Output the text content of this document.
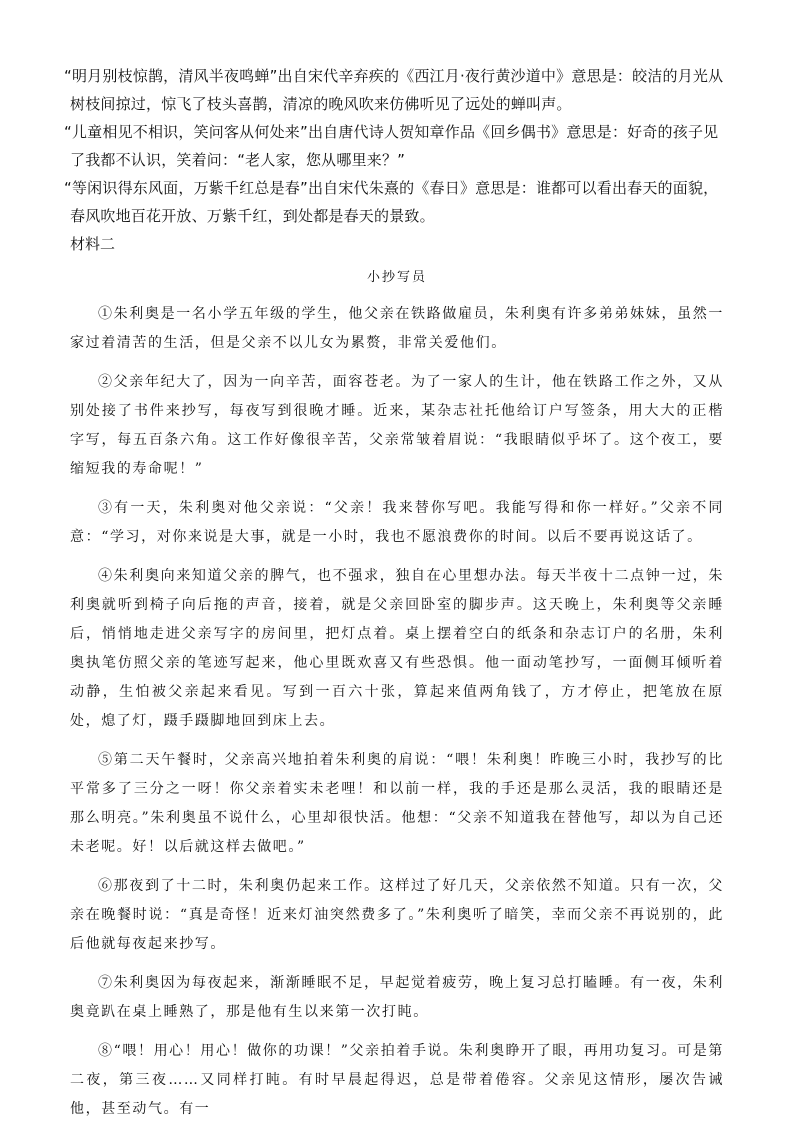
“明月别枝惊鹊，清风半夜鸣蝉”出自宋代辛弃疾的《西江月·夜行黄沙道中》意思是：皎洁的月光从树枝间掠过，惊飞了枝头喜鹊，清凉的晚风吹来仿佛听见了远处的蝉叫声。

“儿童相见不相识，笑问客从何处来”出自唐代诗人贺知章作品《回乡偶书》意思是：好奇的孩子见了我都不认识，笑着问：“老人家，您从哪里来？”

“等闲识得东风面，万紫千红总是春”出自宋代朱熹的《春日》意思是：谁都可以看出春天的面貌，春风吹地百花开放、万紫千红，到处都是春天的景致。

材料二

小抄写员

①朱利奥是一名小学五年级的学生，他父亲在铁路做雇员，朱利奥有许多弟弟妹妹，虽然一家过着清苦的生活，但是父亲不以儿女为累赘，非常关爱他们。

②父亲年纪大了，因为一向辛苦，面容苍老。为了一家人的生计，他在铁路工作之外，又从别处接了书件来抄写，每夜写到很晚才睡。近来，某杂志社托他给订户写签条，用大大的正楷字写，每五百条六角。这工作好像很辛苦，父亲常皱着眉说：“我眼睛似乎坏了。这个夜工，要缩短我的寿命呢！”

③有一天，朱利奥对他父亲说：“父亲！我来替你写吧。我能写得和你一样好。”父亲不同意：“学习，对你来说是大事，就是一小时，我也不愿浪费你的时间。以后不要再说这话了。

④朱利奥向来知道父亲的脾气，也不强求，独自在心里想办法。每天半夜十二点钟一过，朱利奥就听到椅子向后拖的声音，接着，就是父亲回卧室的脚步声。这天晚上，朱利奥等父亲睡后，悄悄地走进父亲写字的房间里，把灯点着。桌上摆着空白的纸条和杂志订户的名册，朱利奥执笔仿照父亲的笔迹写起来，他心里既欢喜又有些恐惧。他一面动笔抄写，一面侧耳倾听着动静，生怕被父亲起来看见。写到一百六十张，算起来值两角钱了，方才停止，把笔放在原处，熄了灯，蹑手蹑脚地回到床上去。

⑤第二天午餐时，父亲高兴地拍着朱利奥的肩说：“喂！朱利奥！昨晚三小时，我抄写的比平常多了三分之一呀！你父亲着实未老哩！和以前一样，我的手还是那么灵活，我的眼睛还是那么明亮。”朱利奥虽不说什么，心里却很快活。他想：“父亲不知道我在替他写，却以为自己还未老呢。好！以后就这样去做吧。”

⑥那夜到了十二时，朱利奥仍起来工作。这样过了好几天，父亲依然不知道。只有一次，父亲在晚餐时说：“真是奇怪！近来灯油突然费多了。”朱利奥听了暗笑，幸而父亲不再说别的，此后他就每夜起来抄写。

⑦朱利奥因为每夜起来，渐渐睡眠不足，早起觉着疲劳，晚上复习总打瞌睡。有一夜，朱利奥竟趴在桌上睡熟了，那是他有生以来第一次打盹。

⑧“喂！用心！用心！做你的功课！”父亲拍着手说。朱利奥睁开了眼，再用功复习。可是第二夜，第三夜……又同样打盹。有时早晨起得迟，总是带着倦容。父亲见这情形，屡次告诫他，甚至动气。有一
